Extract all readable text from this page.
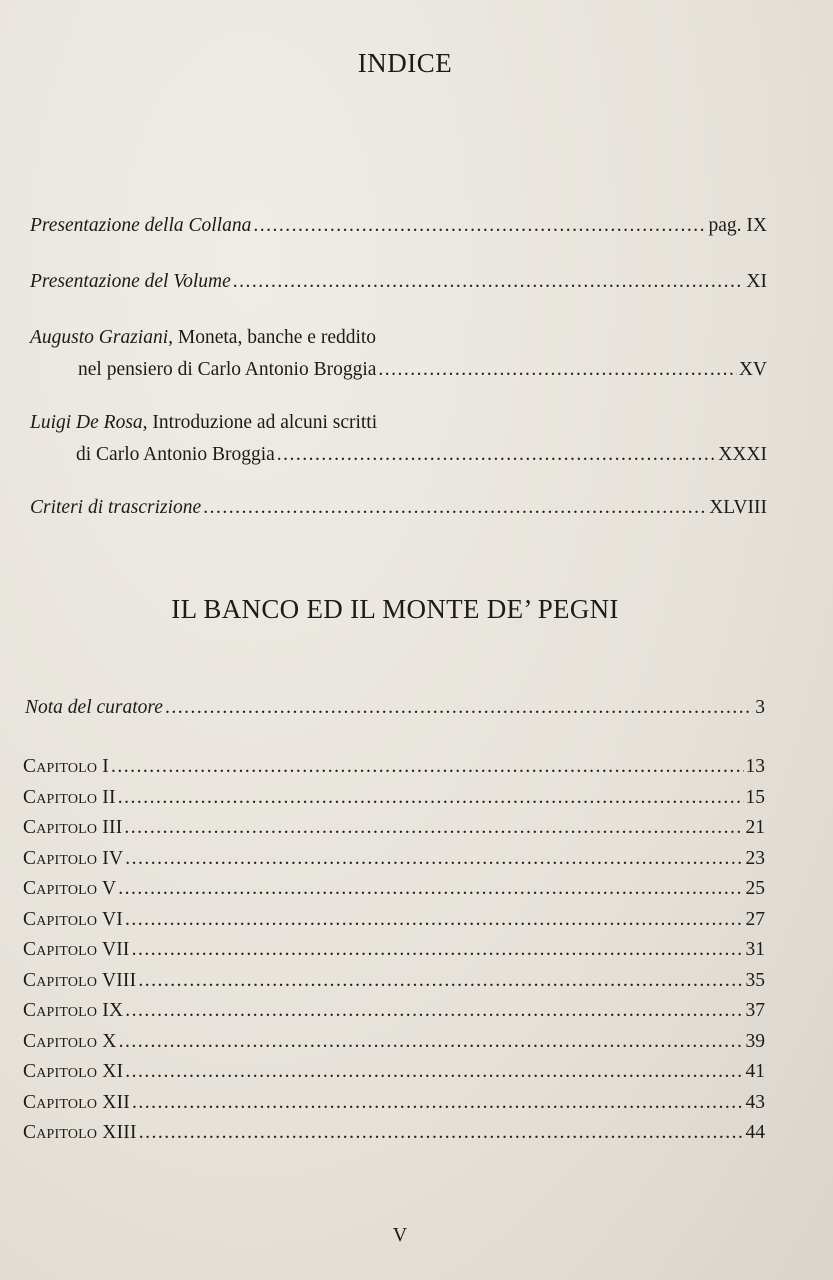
INDICE
Presentazione della Collana .....	pag. IX
Presentazione del Volume .....	XI
Augusto Graziani, Moneta, banche e reddito
nel pensiero di Carlo Antonio Broggia .....	XV
Luigi De Rosa, Introduzione ad alcuni scritti
di Carlo Antonio Broggia .....	XXXI
Criteri di trascrizione .....	XLVIII
IL BANCO ED IL MONTE DE’ PEGNI
Nota del curatore .....	3
Capitolo I .....	13
Capitolo II .....	15
Capitolo III .....	21
Capitolo IV .....	23
Capitolo V .....	25
Capitolo VI .....	27
Capitolo VII .....	31
Capitolo VIII .....	35
Capitolo IX .....	37
Capitolo X .....	39
Capitolo XI .....	41
Capitolo XII .....	43
Capitolo XIII .....	44
V
